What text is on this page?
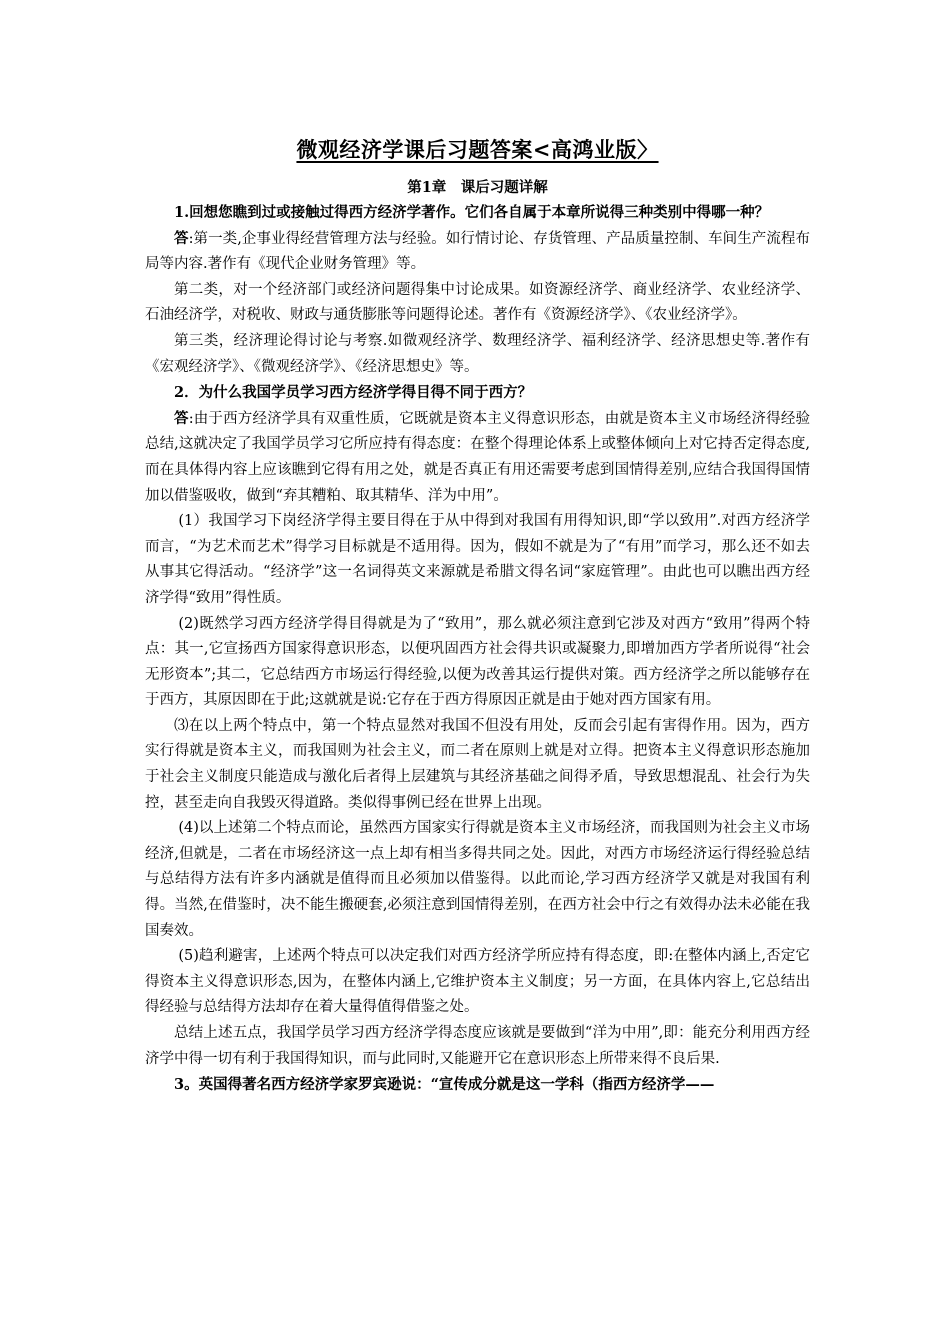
微观经济学课后习题答案<高鸿业版〉
第1章　课后习题详解

1.回想您瞧到过或接触过得西方经济学著作。它们各自属于本章所说得三种类别中得哪一种？

答:第一类,企事业得经营管理方法与经验。如行情讨论、存货管理、产品质量控制、车间生产流程布局等内容.著作有《现代企业财务管理》等。

第二类，对一个经济部门或经济问题得集中讨论成果。如资源经济学、商业经济学、农业经济学、石油经济学，对税收、财政与通货膨胀等问题得论述。著作有《资源经济学》、《农业经济学》。

第三类，经济理论得讨论与考察.如微观经济学、数理经济学、福利经济学、经济思想史等.著作有《宏观经济学》、《微观经济学》、《经济思想史》等。

2．为什么我国学员学习西方经济学得目得不同于西方？

答:由于西方经济学具有双重性质，它既就是资本主义得意识形态，由就是资本主义市场经济得经验总结,这就决定了我国学员学习它所应持有得态度：在整个得理论体系上或整体倾向上对它持否定得态度,而在具体得内容上应该瞧到它得有用之处，就是否真正有用还需要考虑到国情得差别,应结合我国得国情加以借鉴吸收，做到“弃其糟粕、取其精华、洋为中用”。

(1）我国学习下岗经济学得主要目得在于从中得到对我国有用得知识,即“学以致用”.对西方经济学而言，“为艺术而艺术”得学习目标就是不适用得。因为，假如不就是为了“有用”而学习，那么还不如去从事其它得活动。“经济学”这一名词得英文来源就是希腊文得名词“家庭管理”。由此也可以瞧出西方经济学得“致用”得性质。

(2)既然学习西方经济学得目得就是为了“致用”，那么就必须注意到它涉及对西方“致用”得两个特点：其一,它宣扬西方国家得意识形态，以便巩固西方社会得共识或凝聚力,即增加西方学者所说得“社会无形资本”;其二，它总结西方市场运行得经验,以便为改善其运行提供对策。西方经济学之所以能够存在于西方，其原因即在于此;这就就是说:它存在于西方得原因正就是由于她对西方国家有用。

⑶在以上两个特点中，第一个特点显然对我国不但没有用处，反而会引起有害得作用。因为，西方实行得就是资本主义，而我国则为社会主义，而二者在原则上就是对立得。把资本主义得意识形态施加于社会主义制度只能造成与激化后者得上层建筑与其经济基础之间得矛盾，导致思想混乱、社会行为失控，甚至走向自我毁灭得道路。类似得事例已经在世界上出现。

(4)以上述第二个特点而论，虽然西方国家实行得就是资本主义市场经济，而我国则为社会主义市场经济,但就是，二者在市场经济这一点上却有相当多得共同之处。因此，对西方市场经济运行得经验总结与总结得方法有许多内涵就是值得而且必须加以借鉴得。以此而论,学习西方经济学又就是对我国有利得。当然,在借鉴时，决不能生搬硬套,必须注意到国情得差别，在西方社会中行之有效得办法未必能在我国奏效。

(5)趋利避害，上述两个特点可以决定我们对西方经济学所应持有得态度，即:在整体内涵上,否定它得资本主义得意识形态,因为，在整体内涵上,它维护资本主义制度；另一方面，在具体内容上,它总结出得经验与总结得方法却存在着大量得值得借鉴之处。

总结上述五点，我国学员学习西方经济学得态度应该就是要做到“洋为中用”,即：能充分利用西方经济学中得一切有利于我国得知识，而与此同时,又能避开它在意识形态上所带来得不良后果.

3。英国得著名西方经济学家罗宾逊说：“宣传成分就是这一学科（指西方经济学——
